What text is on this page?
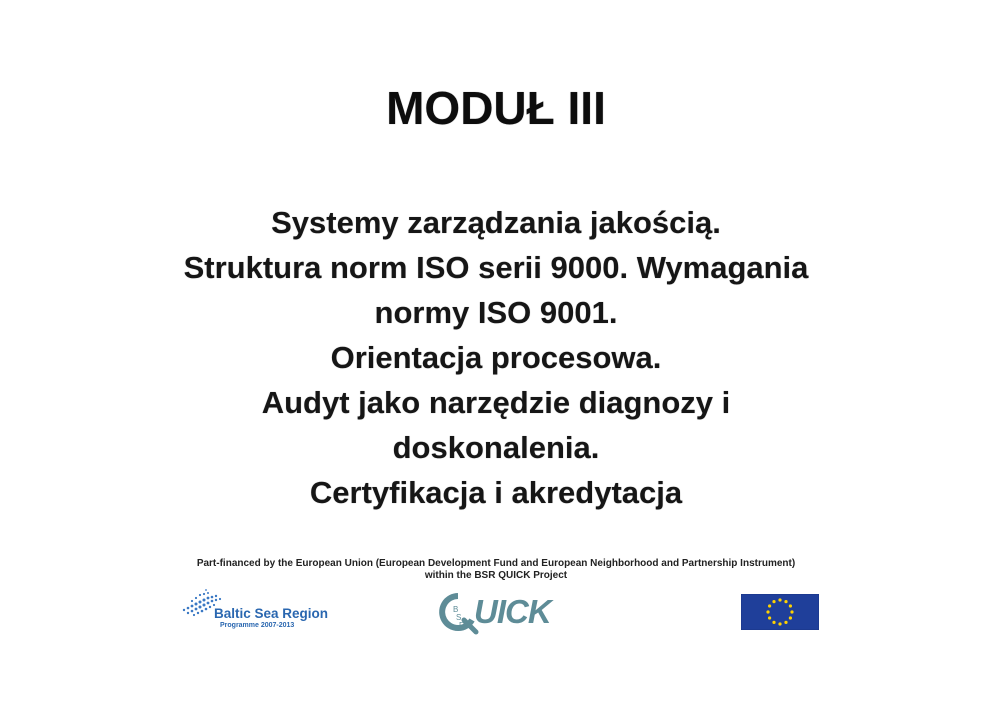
MODUŁ III
Systemy zarządzania jakością.
Struktura norm ISO serii 9000. Wymagania
normy ISO 9001.
Orientacja procesowa.
Audyt jako narzędzie diagnozy i
doskonalenia.
Certyfikacja i akredytacja
Part-financed by the European Union (European Development Fund and European Neighborhood and Partnership Instrument)
within the BSR QUICK Project
Baltic Sea Region
Programme 2007-2013
B
S
R UICK
